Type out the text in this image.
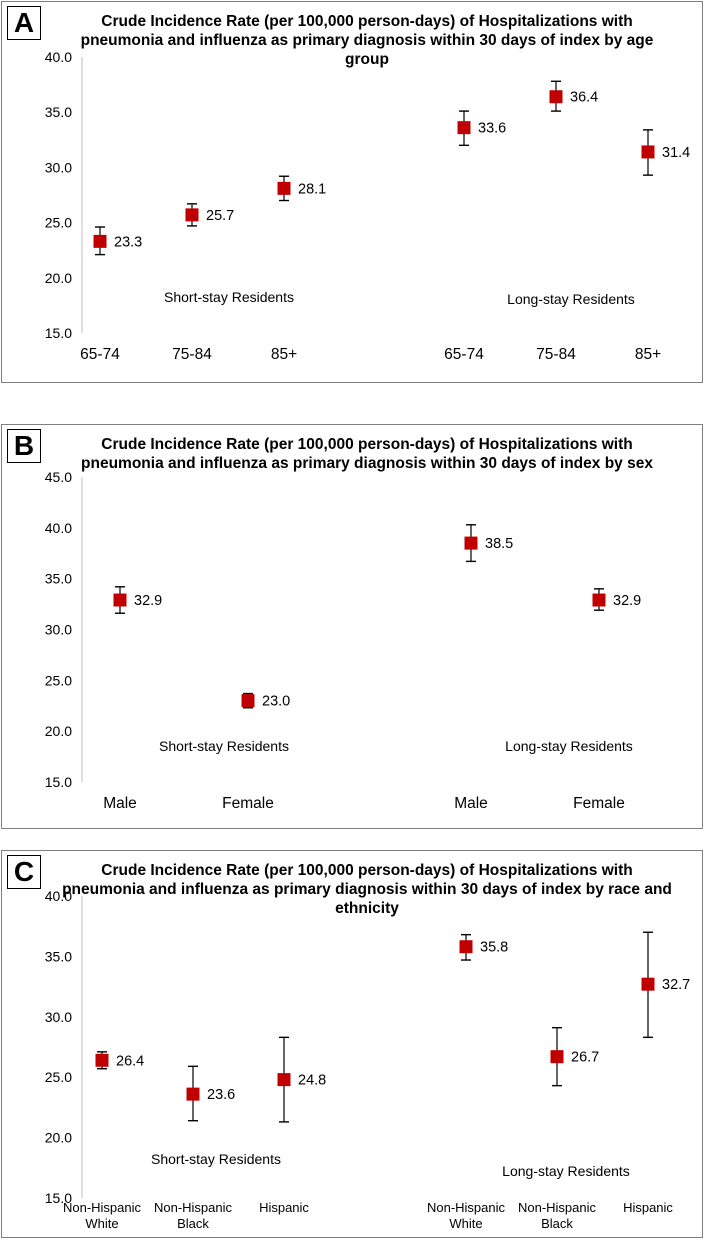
A	Crude Incidence Rate (per 100,000 person-days) of Hospitalizations with pneumonia and influenza as primary diagnosis within 30 days of index by age group
15.0
20.0
25.0
30.0
35.0
40.0
65-74	75-84	85+	65-74	75-84	85+
Short-stay Residents	Long-stay Residents
23.3
25.7
28.1
33.6
36.4
31.4
B	Crude Incidence Rate (per 100,000 person-days) of Hospitalizations with pneumonia and influenza as primary diagnosis within 30 days of index by sex
15.0
20.0
25.0
30.0
35.0
40.0
45.0
Male	Female	Male	Female
Short-stay Residents	Long-stay Residents
32.9
23.0
38.5
32.9
C	Crude Incidence Rate (per 100,000 person-days) of Hospitalizations with pneumonia and influenza as primary diagnosis within 30 days of index by race and ethnicity
15.0
20.0
25.0
30.0
35.0
40.0
Non-Hispanic
White
Non-Hispanic
Black
Hispanic	Non-Hispanic
White
Non-Hispanic
Black
Hispanic
Short-stay Residents
Long-stay Residents
26.4
23.6
24.8
35.8
26.7
32.7
